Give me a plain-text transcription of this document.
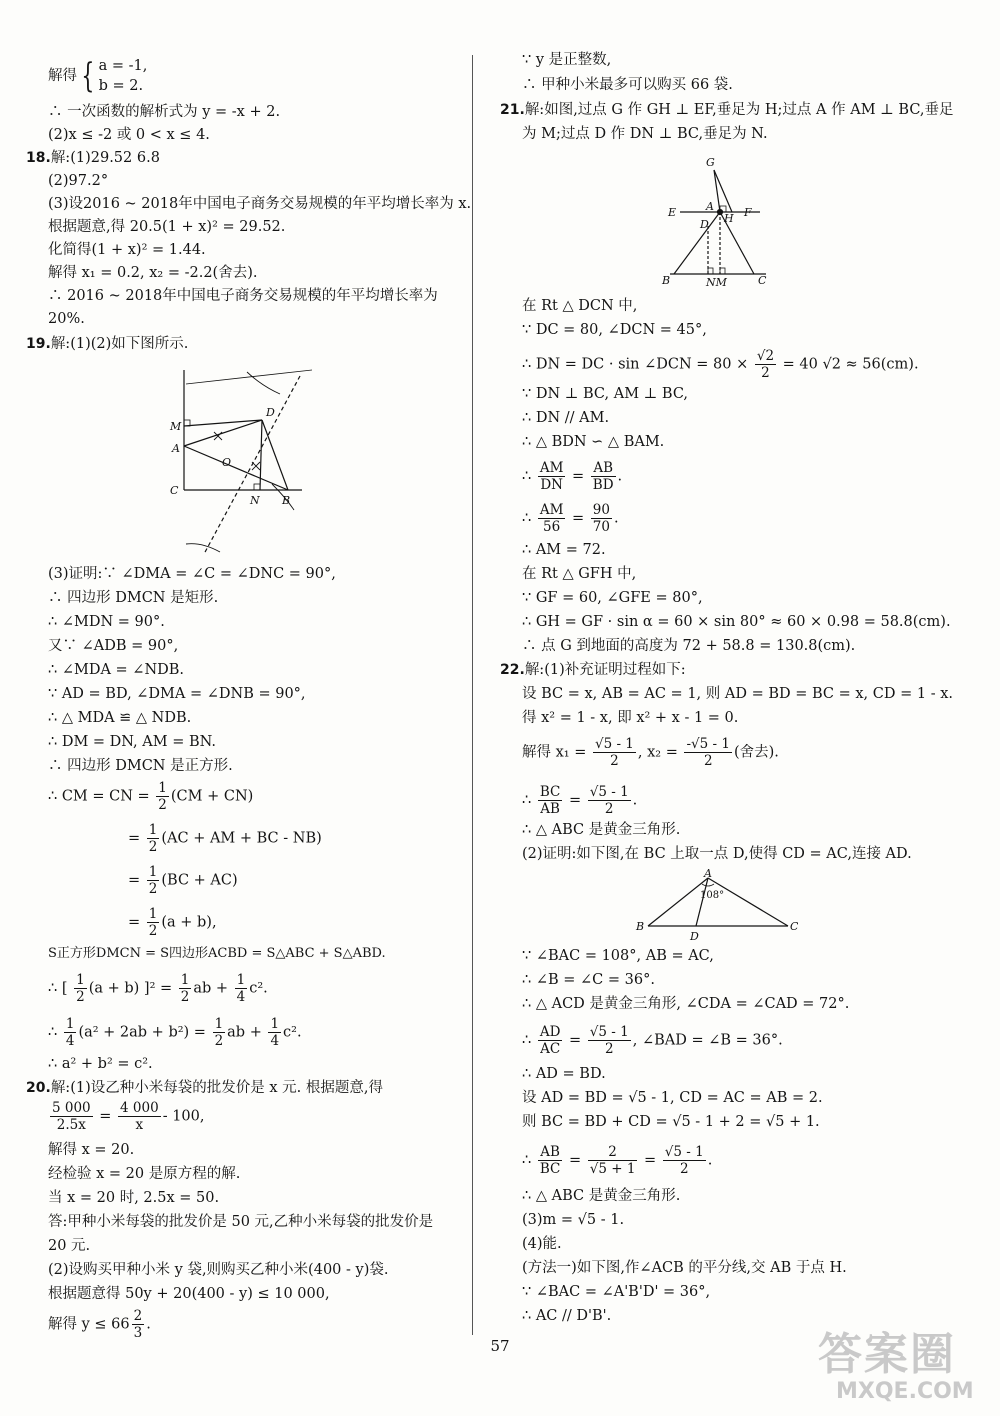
解得 { a = -1,
b = 2.
∴ 一次函数的解析式为 y = -x + 2.
(2)x ≤ -2 或 0 < x ≤ 4.
18.解:(1)29.52 6.8
(2)97.2°
(3)设2016 ~ 2018年中国电子商务交易规模的年平均增长率为 x.
根据题意,得 20.5(1 + x)² = 29.52.
化简得(1 + x)² = 1.44.
解得 x₁ = 0.2, x₂ = -2.2(舍去).
∴ 2016 ~ 2018年中国电子商务交易规模的年平均增长率为
20%.
19.解:(1)(2)如下图所示.
M
A
C
D
O
N B
(3)证明:∵ ∠DMA = ∠C = ∠DNC = 90°,
∴ 四边形 DMCN 是矩形.
∴ ∠MDN = 90°.
又∵ ∠ADB = 90°,
∴ ∠MDA = ∠NDB.
∵ AD = BD, ∠DMA = ∠DNB = 90°,
∴ △ MDA ≌ △ NDB.
∴ DM = DN, AM = BN.
∴ 四边形 DMCN 是正方形.
∴ CM = CN = $\frac{1}{2} (CM + CN)$
= $\frac{1}{2} (AC$ + AM + BC - NB)
= $\frac{1}{2} (BC + AC)$
= $\frac{1}{2} (a + b)$,
S正方形DMCN = S四边形ACBD = S△ABC + S△ABD.
∴ [ $\frac{1}{2} (a + b) ]^2 = \frac{1}{2}$ ab + $\frac{1}{4} c^2$.
∴ $\frac{1}{4} (a^2 + 2ab + b^2) = \frac{1}{2}$ ab + $\frac{1}{4} c^2$.
∴ a² + b² = c².
20.解:(1)设乙种小米每袋的批发价是 x 元. 根据题意,得
$\frac{5 000}{2.5x} = \frac{4 000}{x} - 100$,
解得 x = 20.
经检验 x = 20 是原方程的解.
当 x = 20 时, 2.5x = 50.
答:甲种小米每袋的批发价是 50 元,乙种小米每袋的批发价是
20 元.
(2)设购买甲种小米 y 袋,则购买乙种小米(400 - y)袋.
根据题意得 50y + 20(400 - y) ≤ 10 000,
解得 $y \le 66 \frac{2}{3}$ .
∵ y 是正整数,
∴ 甲种小米最多可以购买 66 袋.
21.解:如图,过点 G 作 GH ⊥ EF,垂足为 H;过点 A 作 AM ⊥ BC,垂足
为 M;过点 D 作 DN ⊥ BC,垂足为 N.
G
E	A
H F
D
B	NM	C
在 Rt △ DCN 中,
∵ DC = 80, ∠DCN = 45°,
∴ DN = DC · sin ∠DCN = $80 \times \frac{√2}{2} = 40$ √2 ≈ 56(cm).
∵ DN ⊥ BC, AM ⊥ BC,
∴ DN // AM.
∴ △ BDN ∽ △ BAM.
∴ $\frac{AM}{DN} = \frac{AB}{BD}$ .
∴ $\frac{AM}{56} = \frac{90}{70}$ .
∴ AM = 72.
在 Rt △ GFH 中,
∵ GF = 60, ∠GFE = 80°,
∴ GH = GF · sin α = 60 × sin 80° ≈ 60 × 0.98 = 58.8(cm).
∴ 点 G 到地面的高度为 72 + 58.8 = 130.8(cm).
22.解:(1)补充证明过程如下:
设 BC = x, AB = AC = 1, 则 AD = BD = BC = x, CD = 1 - x.
得 x² = 1 - x, 即 x² + x - 1 = 0.
解得 $x_1 = \frac{√5 - 1}{2}$ , $x_2 = \frac{-√5 - 1}{2}$ (舍去).
∴ $\frac{BC}{AB} = \frac{√5 - 1}{2}$ .
∴ △ ABC 是黄金三角形.
(2)证明:如下图,在 BC 上取一点 D,使得 CD = AC,连接 AD.
A
108°
B
D
C
∵ ∠BAC = 108°, AB = AC,
∴ ∠B = ∠C = 36°.
∴ △ ACD 是黄金三角形, ∠CDA = ∠CAD = 72°.
∴ $\frac{AD}{AC} = \frac{√5 - 1}{2}$ , ∠BAD = ∠B = 36°.
∴ AD = BD.
设 AD = BD = √5 - 1, CD = AC = AB = 2.
则 BC = BD + CD = √5 - 1 + 2 = √5 + 1.
∴ $\frac{AB}{BC} = \frac{2}{√5 + 1} = \frac{√5 - 1}{2}$ .
∴ △ ABC 是黄金三角形.
(3)m = √5 - 1.
(4)能.
(方法一)如下图,作∠ACB 的平分线,交 AB 于点 H.
∵ ∠BAC = ∠A'B'D' = 36°,
∴ AC // D'B'.
57	答案圈
MXQE.COM
